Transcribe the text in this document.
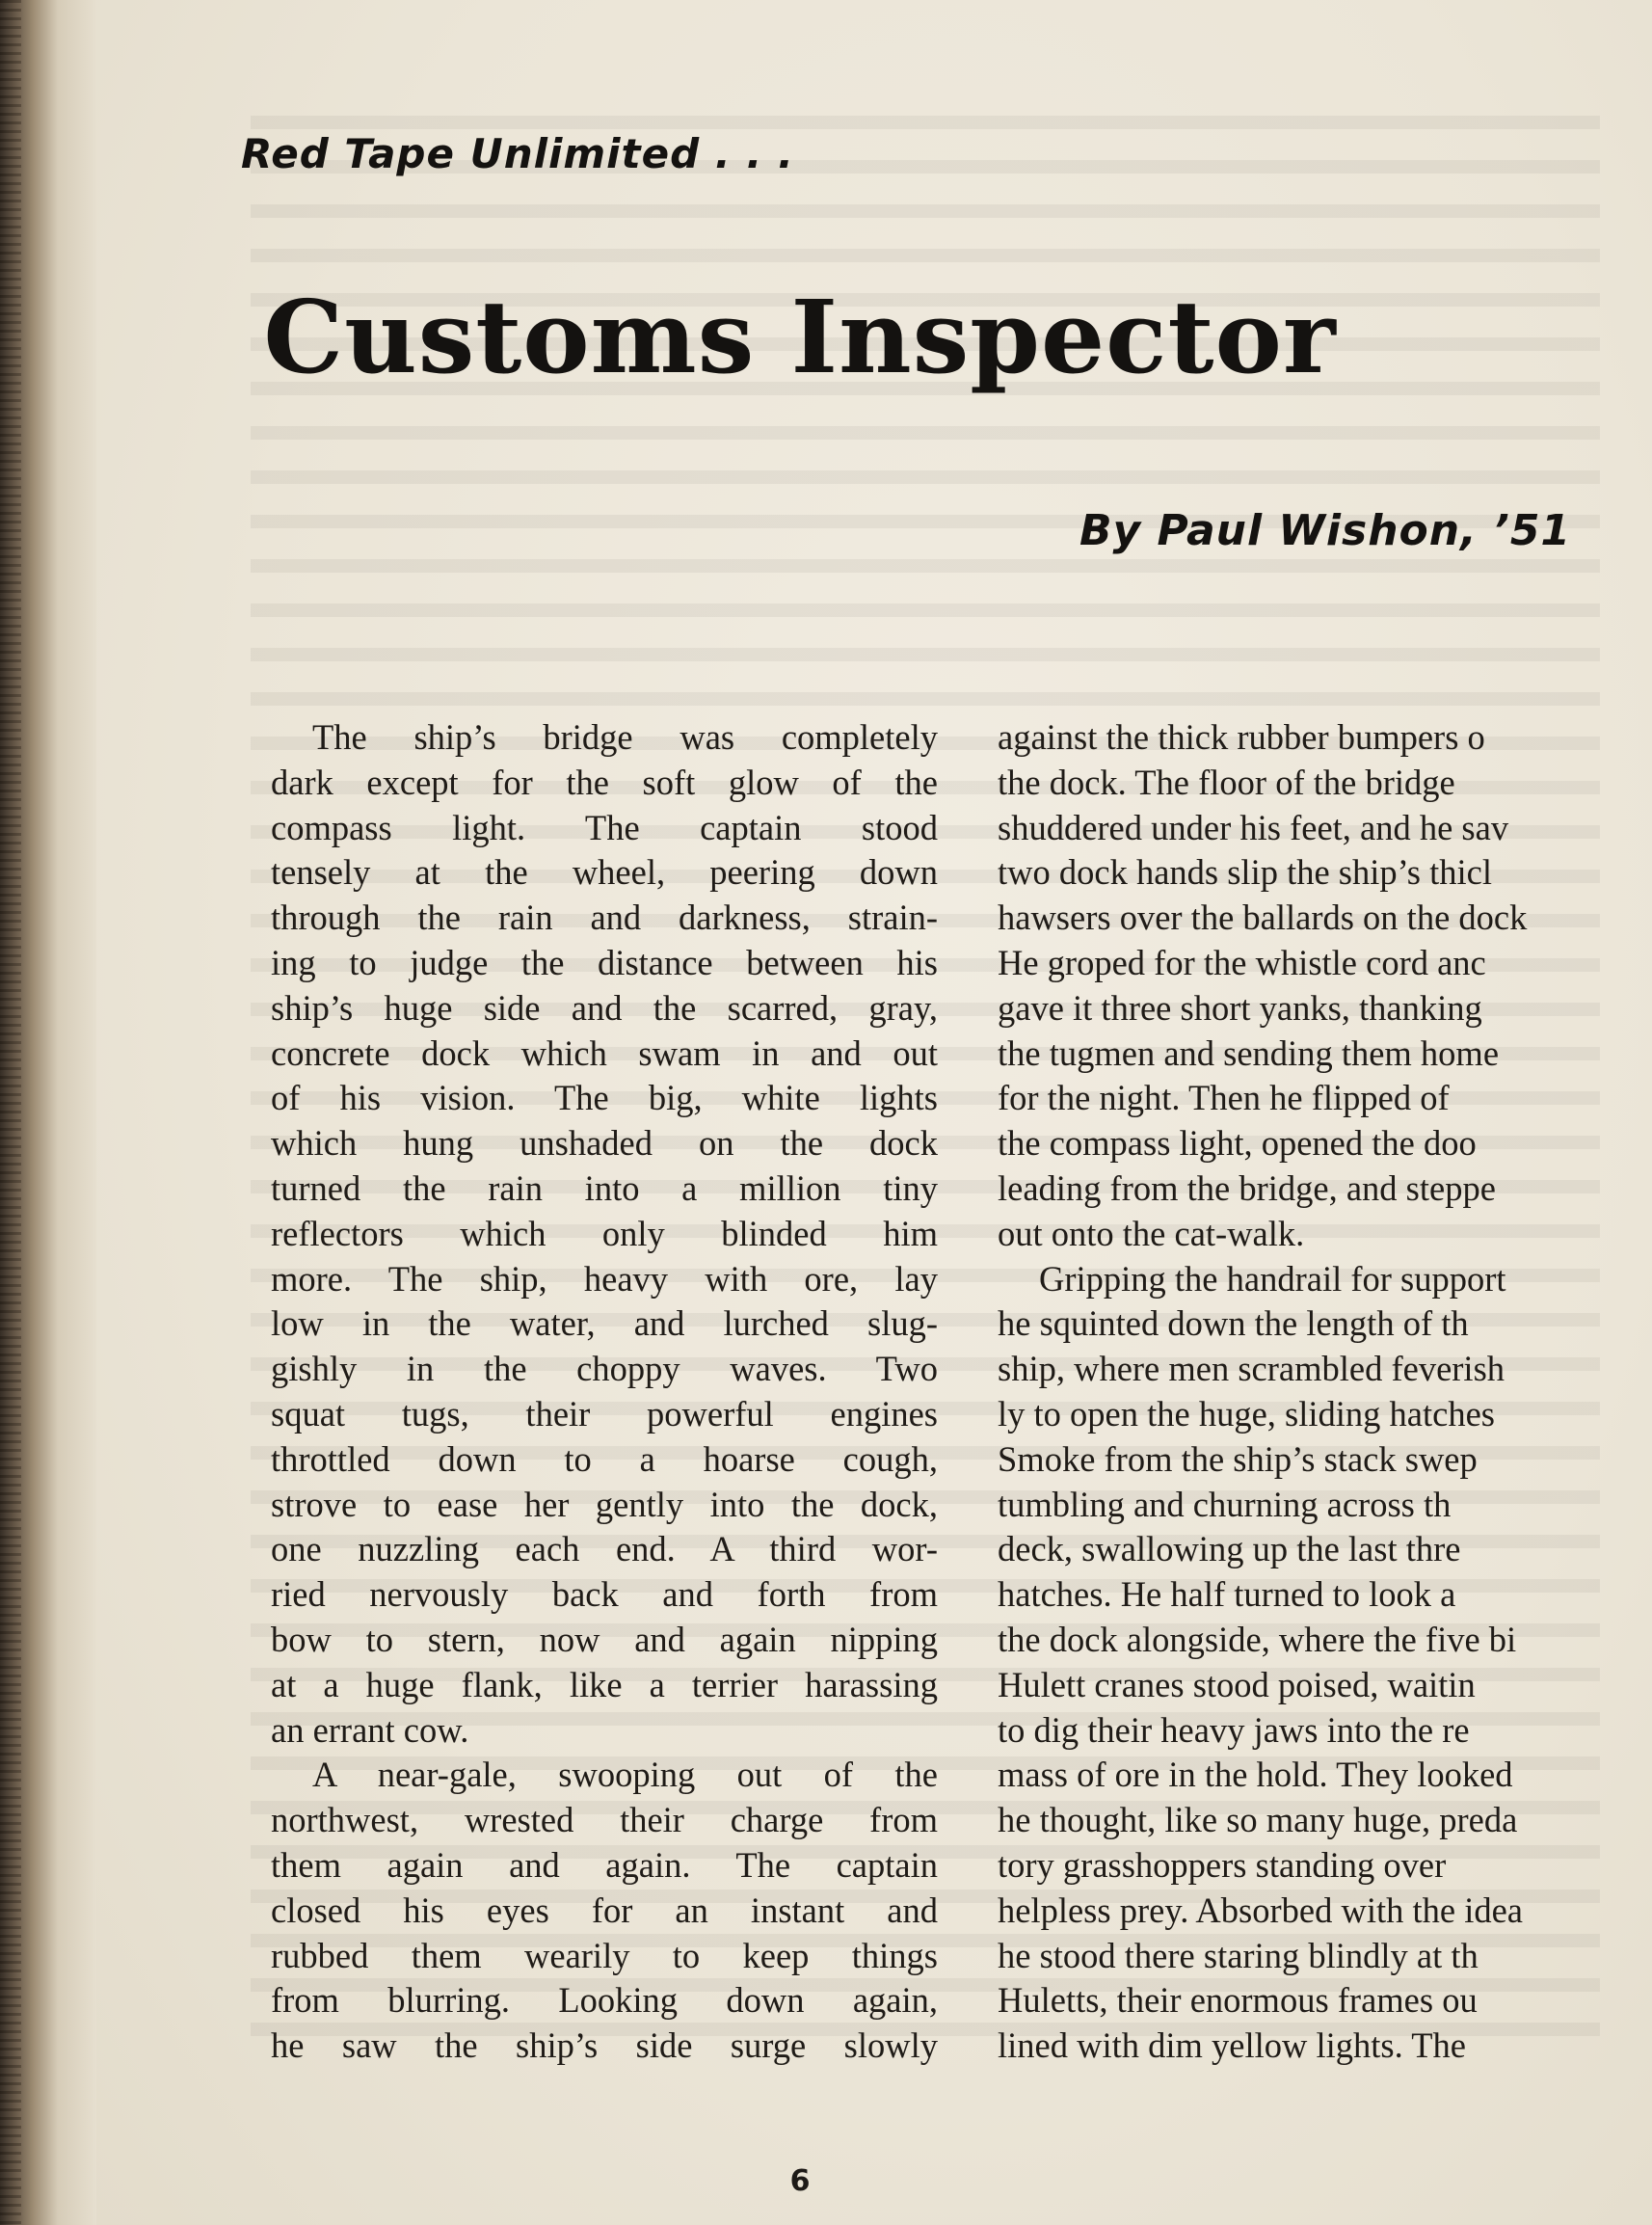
Red Tape Unlimited . . .
Customs Inspector
By Paul Wishon, ’51
The ship’s bridge was completely
dark except for the soft glow of the
compass light. The captain stood
tensely at the wheel, peering down
through the rain and darkness, strain-
ing to judge the distance between his
ship’s huge side and the scarred, gray,
concrete dock which swam in and out
of his vision. The big, white lights
which hung unshaded on the dock
turned the rain into a million tiny
reflectors which only blinded him
more. The ship, heavy with ore, lay
low in the water, and lurched slug-
gishly in the choppy waves. Two
squat tugs, their powerful engines
throttled down to a hoarse cough,
strove to ease her gently into the dock,
one nuzzling each end. A third wor-
ried nervously back and forth from
bow to stern, now and again nipping
at a huge flank, like a terrier harassing
an errant cow.
A near-gale, swooping out of the
northwest, wrested their charge from
them again and again. The captain
closed his eyes for an instant and
rubbed them wearily to keep things
from blurring. Looking down again,
he saw the ship’s side surge slowly
against the thick rubber bumpers o
the dock. The floor of the bridge
shuddered under his feet, and he sav
two dock hands slip the ship’s thicl
hawsers over the ballards on the dock
He groped for the whistle cord anc
gave it three short yanks, thanking
the tugmen and sending them home
for the night. Then he flipped of
the compass light, opened the doo
leading from the bridge, and steppe
out onto the cat-walk.
Gripping the handrail for support
he squinted down the length of th
ship, where men scrambled feverish
ly to open the huge, sliding hatches
Smoke from the ship’s stack swep
tumbling and churning across th
deck, swallowing up the last thre
hatches. He half turned to look a
the dock alongside, where the five bi
Hulett cranes stood poised, waitin
to dig their heavy jaws into the re
mass of ore in the hold. They looked
he thought, like so many huge, preda
tory grasshoppers standing over
helpless prey. Absorbed with the idea
he stood there staring blindly at th
Huletts, their enormous frames ou
lined with dim yellow lights. The
6
